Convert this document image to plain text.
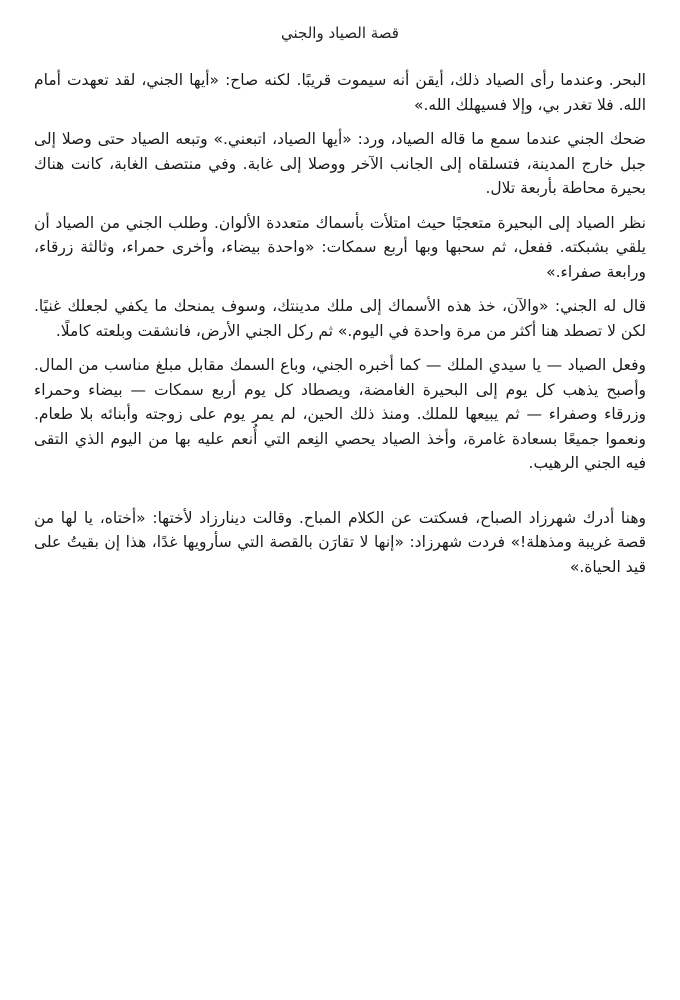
قصة الصياد والجني

البحر. وعندما رأى الصياد ذلك، أيقن أنه سيموت قريبًا. لكنه صاح: «أيها الجني، لقد تعهدت أمام الله. فلا تغدر بي، وإلا فسيهلك الله.»

ضحك الجني عندما سمع ما قاله الصياد، ورد: «أيها الصياد، اتبعني.» وتبعه الصياد حتى وصلا إلى جبل خارج المدينة، فتسلقاه إلى الجانب الآخر ووصلا إلى غابة. وفي منتصف الغابة، كانت هناك بحيرة محاطة بأربعة تلال.

نظر الصياد إلى البحيرة متعجبًا حيث امتلأت بأسماك متعددة الألوان. وطلب الجني من الصياد أن يلقي بشبكته. ففعل، ثم سحبها وبها أربع سمكات: «واحدة بيضاء، وأخرى حمراء، وثالثة زرقاء، ورابعة صفراء.»

قال له الجني: «والآن، خذ هذه الأسماك إلى ملك مدينتك، وسوف يمنحك ما يكفي لجعلك غنيًا. لكن لا تصطد هنا أكثر من مرة واحدة في اليوم.» ثم ركل الجني الأرض، فانشقت وبلعته كاملًا.

وفعل الصياد — يا سيدي الملك — كما أخبره الجني، وباع السمك مقابل مبلغ مناسب من المال. وأصبح يذهب كل يوم إلى البحيرة الغامضة، ويصطاد كل يوم أربع سمكات — بيضاء وحمراء وزرقاء وصفراء — ثم يبيعها للملك. ومنذ ذلك الحين، لم يمر يوم على زوجته وأبنائه بلا طعام. ونعموا جميعًا بسعادة غامرة، وأخذ الصياد يحصي النِعم التي أُنعم عليه بها من اليوم الذي التقى فيه الجني الرهيب.

وهنا أدرك شهرزاد الصباح، فسكتت عن الكلام المباح. وقالت دينارزاد لأختها: «أختاه، يا لها من قصة غريبة ومذهلة!» فردت شهرزاد: «إنها لا تقارَن بالقصة التي سأرويها غدًا، هذا إن بقيتُ على قيد الحياة.»
